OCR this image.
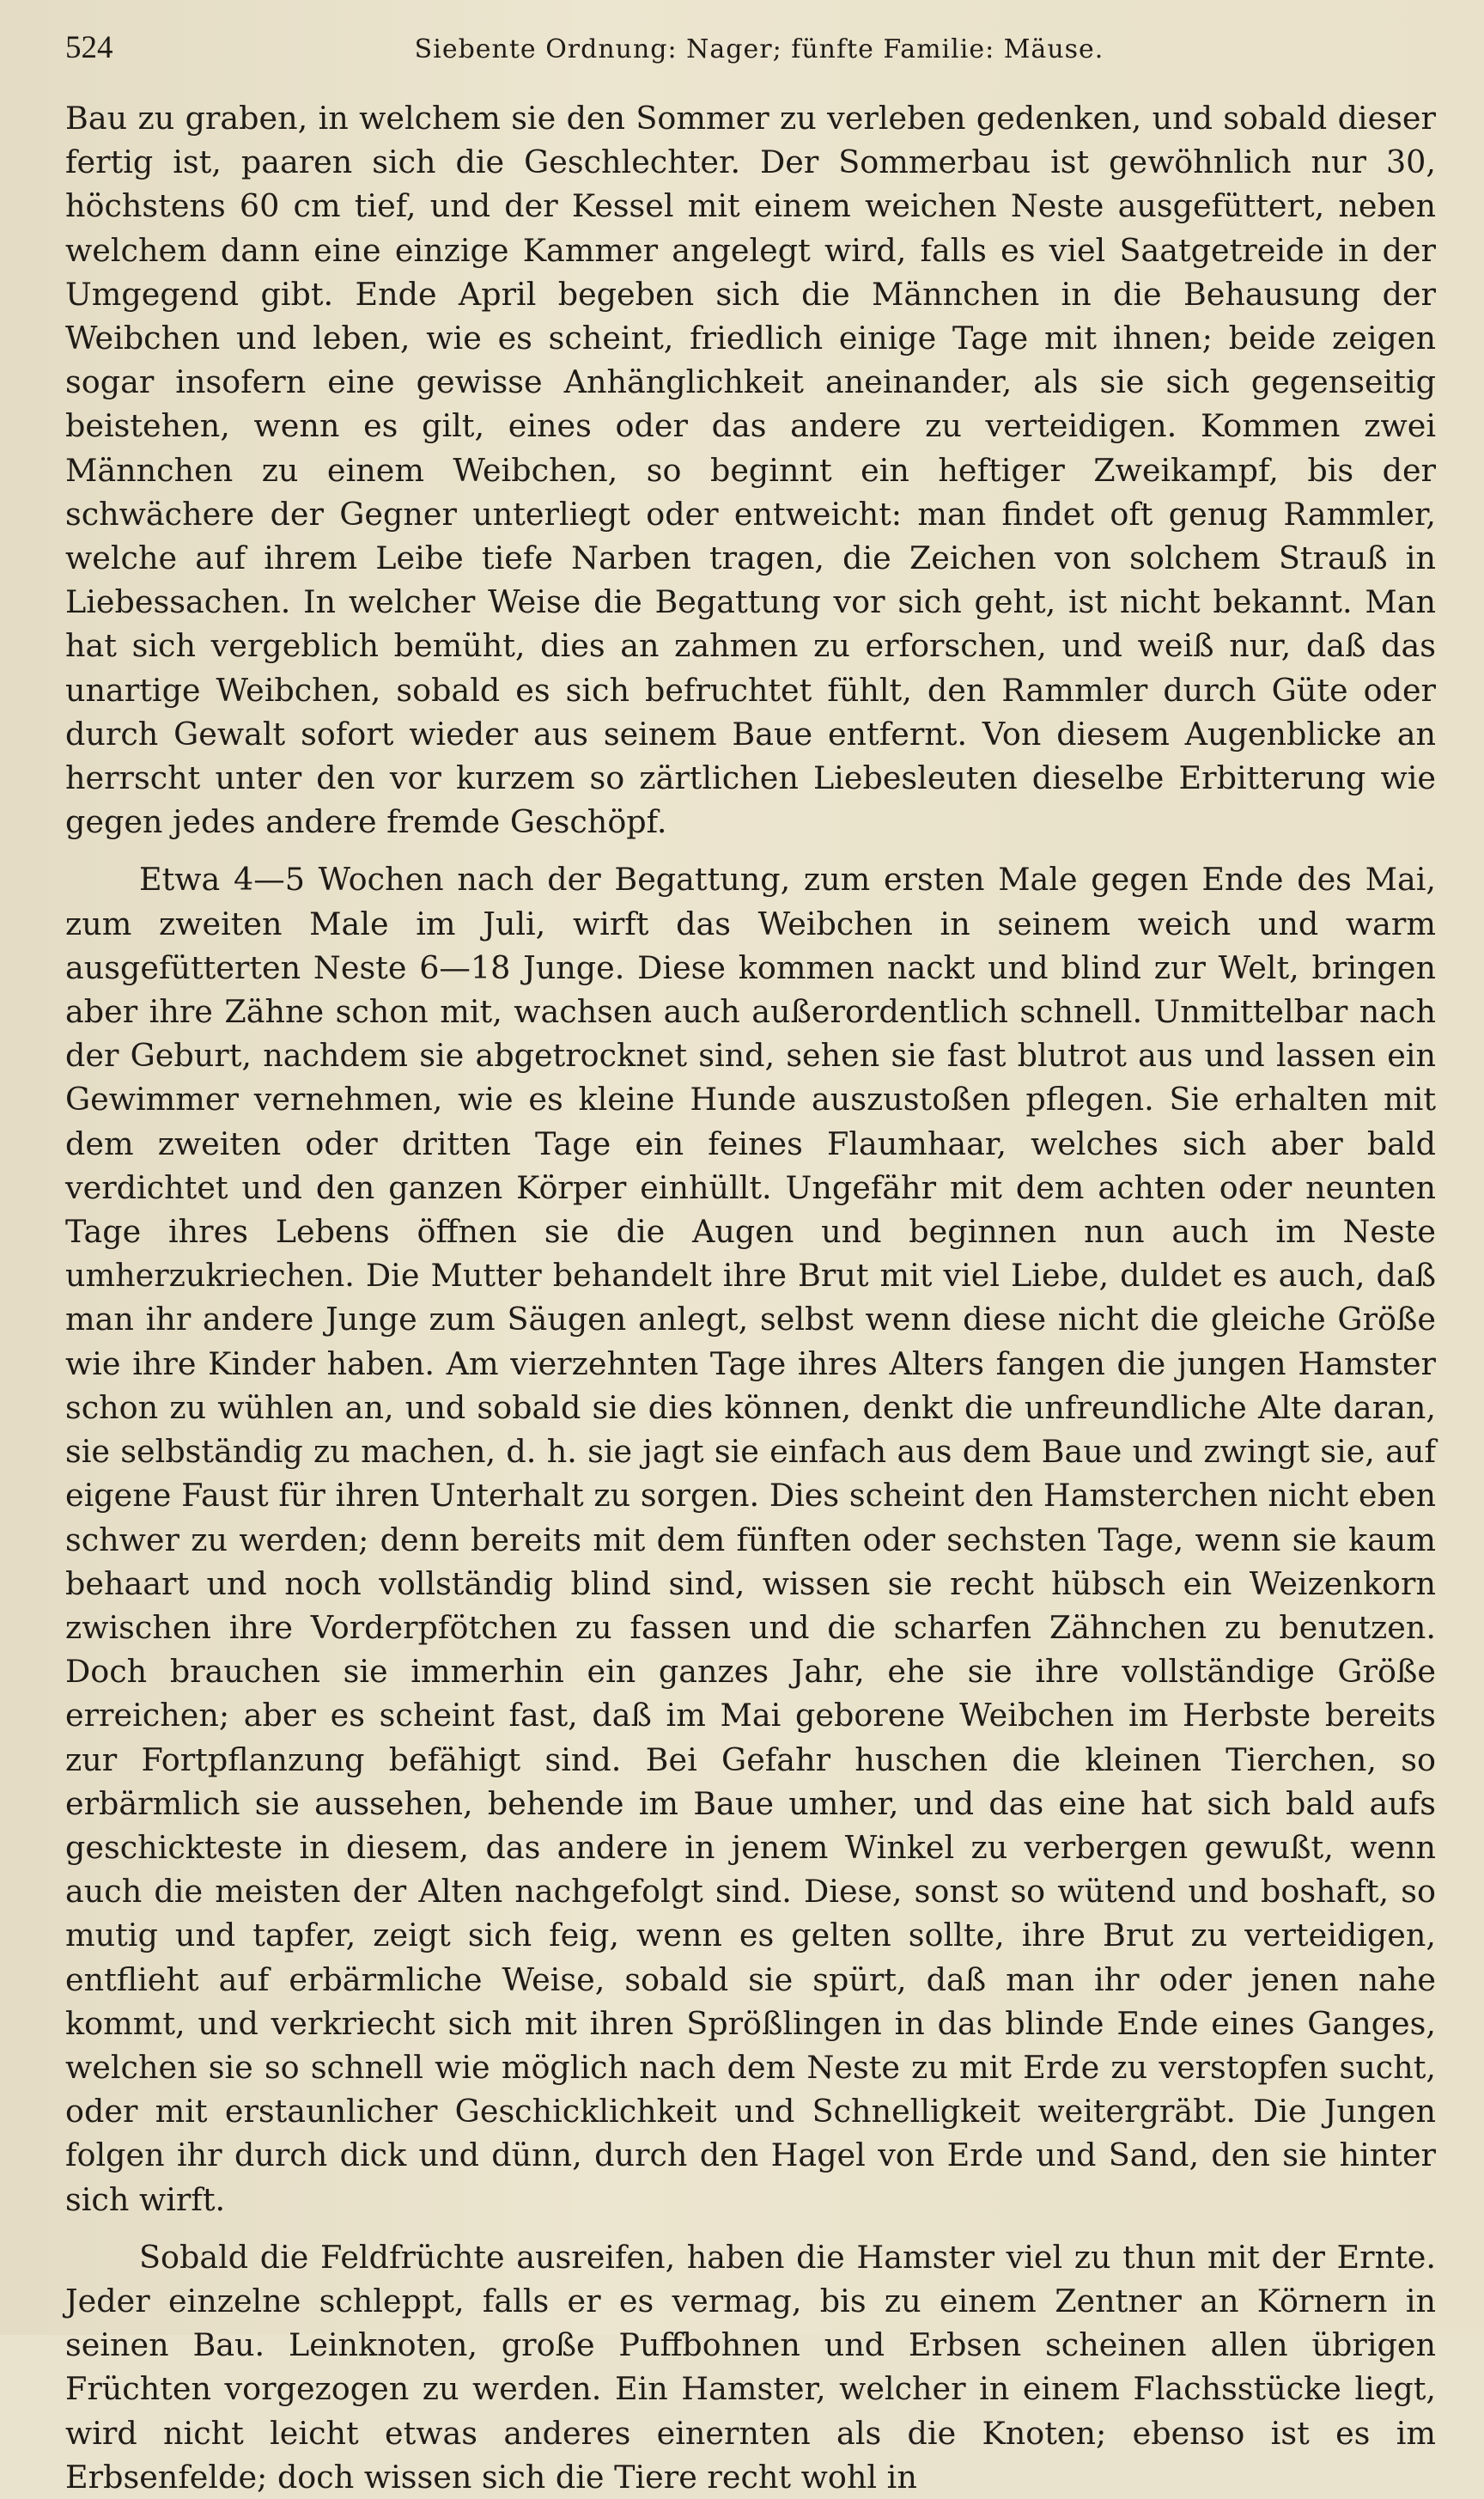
524	Siebente Ordnung: Nager; fünfte Familie: Mäuse.

Bau zu graben, in welchem sie den Sommer zu verleben gedenken, und sobald dieser fertig ist, paaren sich die Geschlechter. Der Sommerbau ist gewöhnlich nur 30, höchstens 60 cm tief, und der Kessel mit einem weichen Neste ausgefüttert, neben welchem dann eine einzige Kammer angelegt wird, falls es viel Saatgetreide in der Umgegend gibt. Ende April begeben sich die Männchen in die Behausung der Weibchen und leben, wie es scheint, friedlich einige Tage mit ihnen; beide zeigen sogar insofern eine gewisse Anhänglichkeit aneinander, als sie sich gegenseitig beistehen, wenn es gilt, eines oder das andere zu verteidigen. Kommen zwei Männchen zu einem Weibchen, so beginnt ein heftiger Zweikampf, bis der schwächere der Gegner unterliegt oder entweicht: man findet oft genug Rammler, welche auf ihrem Leibe tiefe Narben tragen, die Zeichen von solchem Strauß in Liebessachen. In welcher Weise die Begattung vor sich geht, ist nicht bekannt. Man hat sich vergeblich bemüht, dies an zahmen zu erforschen, und weiß nur, daß das unartige Weibchen, sobald es sich befruchtet fühlt, den Rammler durch Güte oder durch Gewalt sofort wieder aus seinem Baue entfernt. Von diesem Augenblicke an herrscht unter den vor kurzem so zärtlichen Liebesleuten dieselbe Erbitterung wie gegen jedes andere fremde Geschöpf.

Etwa 4—5 Wochen nach der Begattung, zum ersten Male gegen Ende des Mai, zum zweiten Male im Juli, wirft das Weibchen in seinem weich und warm ausgefütterten Neste 6—18 Junge. Diese kommen nackt und blind zur Welt, bringen aber ihre Zähne schon mit, wachsen auch außerordentlich schnell. Unmittelbar nach der Geburt, nachdem sie abgetrocknet sind, sehen sie fast blutrot aus und lassen ein Gewimmer vernehmen, wie es kleine Hunde auszustoßen pflegen. Sie erhalten mit dem zweiten oder dritten Tage ein feines Flaumhaar, welches sich aber bald verdichtet und den ganzen Körper einhüllt. Ungefähr mit dem achten oder neunten Tage ihres Lebens öffnen sie die Augen und beginnen nun auch im Neste umherzukriechen. Die Mutter behandelt ihre Brut mit viel Liebe, duldet es auch, daß man ihr andere Junge zum Säugen anlegt, selbst wenn diese nicht die gleiche Größe wie ihre Kinder haben. Am vierzehnten Tage ihres Alters fangen die jungen Hamster schon zu wühlen an, und sobald sie dies können, denkt die unfreundliche Alte daran, sie selbständig zu machen, d. h. sie jagt sie einfach aus dem Baue und zwingt sie, auf eigene Faust für ihren Unterhalt zu sorgen. Dies scheint den Hamsterchen nicht eben schwer zu werden; denn bereits mit dem fünften oder sechsten Tage, wenn sie kaum behaart und noch vollständig blind sind, wissen sie recht hübsch ein Weizenkorn zwischen ihre Vorderpfötchen zu fassen und die scharfen Zähnchen zu benutzen. Doch brauchen sie immerhin ein ganzes Jahr, ehe sie ihre vollständige Größe erreichen; aber es scheint fast, daß im Mai geborene Weibchen im Herbste bereits zur Fortpflanzung befähigt sind. Bei Gefahr huschen die kleinen Tierchen, so erbärmlich sie aussehen, behende im Baue umher, und das eine hat sich bald aufs geschickteste in diesem, das andere in jenem Winkel zu verbergen gewußt, wenn auch die meisten der Alten nachgefolgt sind. Diese, sonst so wütend und boshaft, so mutig und tapfer, zeigt sich feig, wenn es gelten sollte, ihre Brut zu verteidigen, entflieht auf erbärmliche Weise, sobald sie spürt, daß man ihr oder jenen nahe kommt, und verkriecht sich mit ihren Sprößlingen in das blinde Ende eines Ganges, welchen sie so schnell wie möglich nach dem Neste zu mit Erde zu verstopfen sucht, oder mit erstaunlicher Geschicklichkeit und Schnelligkeit weitergräbt. Die Jungen folgen ihr durch dick und dünn, durch den Hagel von Erde und Sand, den sie hinter sich wirft.

Sobald die Feldfrüchte ausreifen, haben die Hamster viel zu thun mit der Ernte. Jeder einzelne schleppt, falls er es vermag, bis zu einem Zentner an Körnern in seinen Bau. Leinknoten, große Puffbohnen und Erbsen scheinen allen übrigen Früchten vorgezogen zu werden. Ein Hamster, welcher in einem Flachsstücke liegt, wird nicht leicht etwas anderes einernten als die Knoten; ebenso ist es im Erbsenfelde; doch wissen sich die Tiere recht wohl in
